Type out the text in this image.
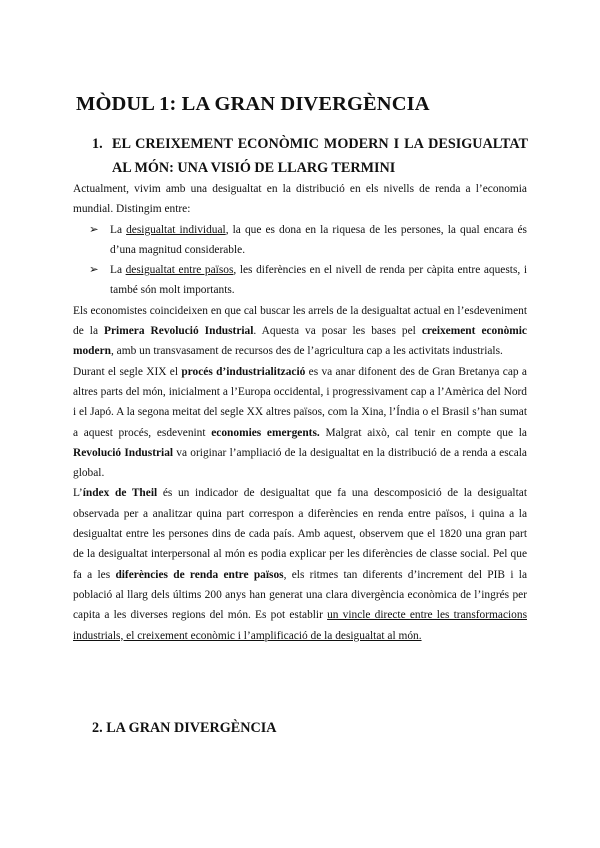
MÒDUL 1: LA GRAN DIVERGÈNCIA
1. EL CREIXEMENT ECONÒMIC MODERN I LA DESIGUALTAT AL MÓN: UNA VISIÓ DE LLARG TERMINI

Actualment, vivim amb una desigualtat en la distribució en els nivells de renda a l’economia mundial. Distingim entre:

➢ La desigualtat individual, la que es dona en la riquesa de les persones, la qual encara és d’una magnitud considerable.
➢ La desigualtat entre països, les diferències en el nivell de renda per càpita entre aquests, i també són molt importants.

Els economistes coincideixen en que cal buscar les arrels de la desigualtat actual en l’esdeveniment de la Primera Revolució Industrial. Aquesta va posar les bases pel creixement econòmic modern, amb un transvasament de recursos des de l’agricultura cap a les activitats industrials.

Durant el segle XIX el procés d’industrialització es va anar difonent des de Gran Bretanya cap a altres parts del món, inicialment a l’Europa occidental, i progressivament cap a l’Amèrica del Nord i el Japó. A la segona meitat del segle XX altres països, com la Xina, l’Índia o el Brasil s’han sumat a aquest procés, esdevenint economies emergents. Malgrat això, cal tenir en compte que la Revolució Industrial va originar l’ampliació de la desigualtat en la distribució de a renda a escala global.

L’índex de Theil és un indicador de desigualtat que fa una descomposició de la desigualtat observada per a analitzar quina part correspon a diferències en renda entre països, i quina a la desigualtat entre les persones dins de cada país. Amb aquest, observem que el 1820 una gran part de la desigualtat interpersonal al món es podia explicar per les diferències de classe social. Pel que fa a les diferències de renda entre països, els ritmes tan diferents d’increment del PIB i la població al llarg dels últims 200 anys han generat una clara divergència econòmica de l’ingrés per capita a les diverses regions del món. Es pot establir un vincle directe entre les transformacions industrials, el creixement econòmic i l’amplificació de la desigualtat al món.

2. LA GRAN DIVERGÈNCIA
